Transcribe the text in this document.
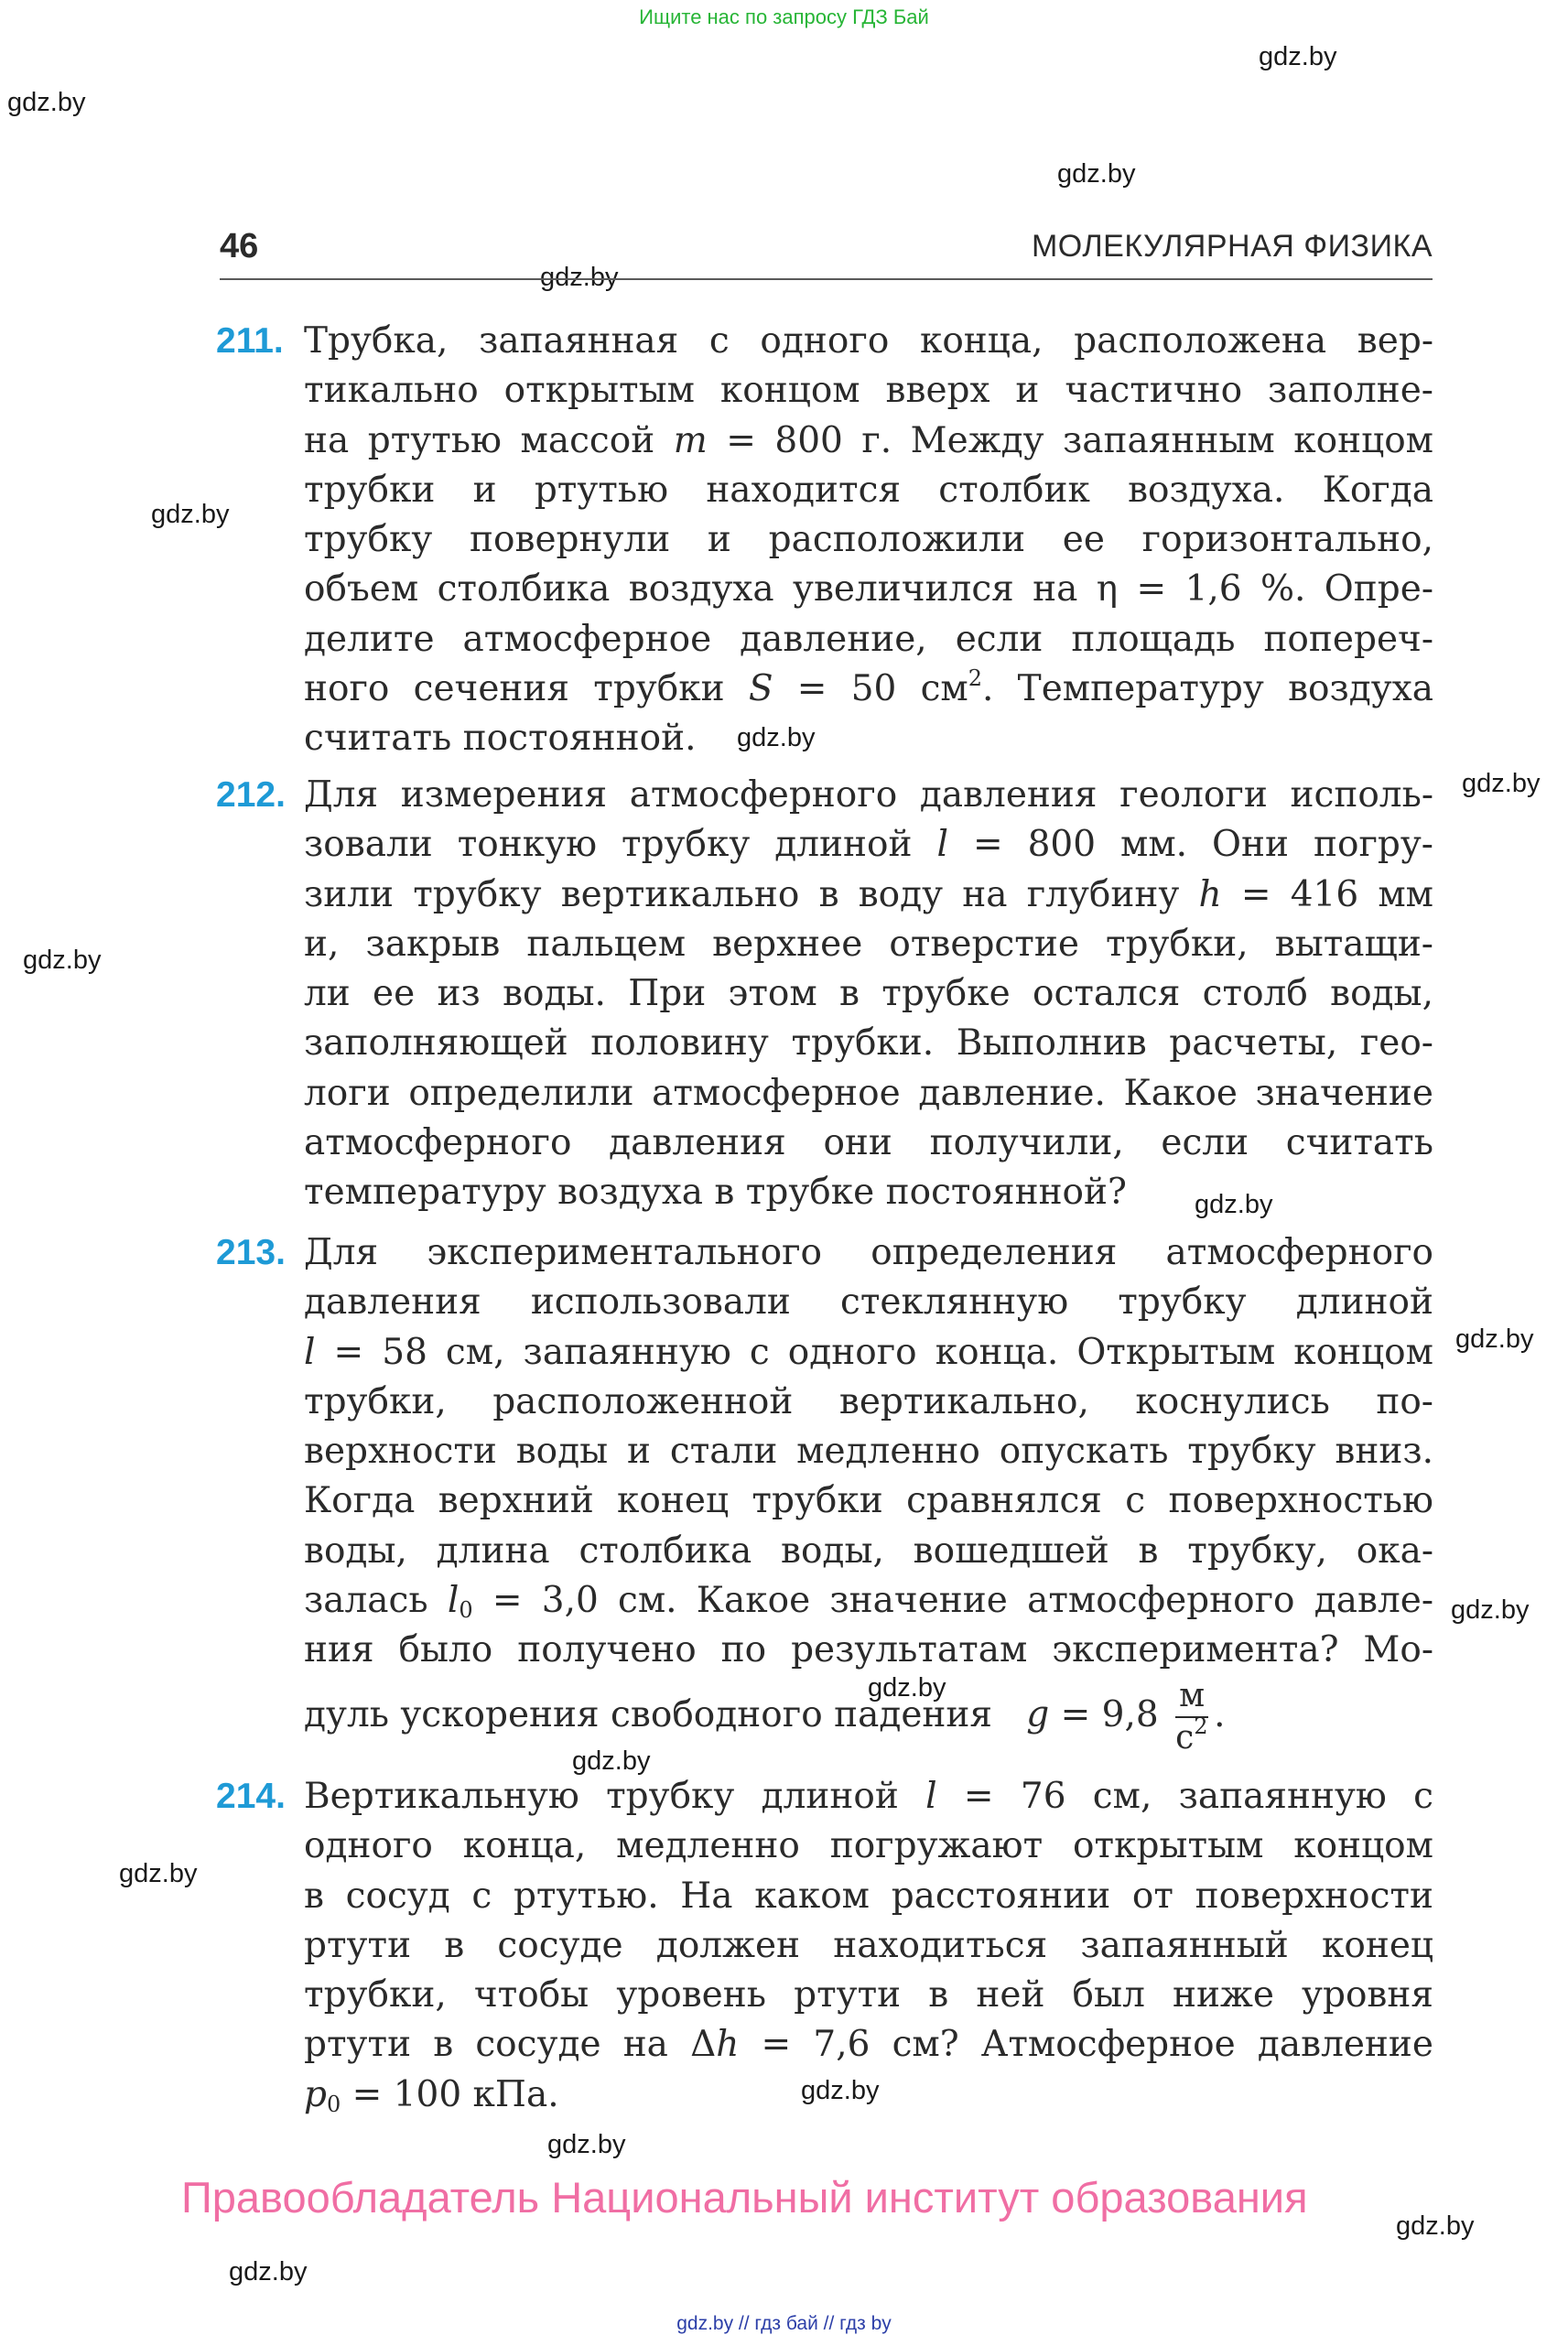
Ищите нас по запросу ГДЗ Бай
gdz.by
gdz.by
gdz.by
gdz.by
gdz.by
gdz.by
gdz.by
gdz.by
gdz.by
gdz.by
gdz.by
gdz.by
gdz.by
gdz.by
gdz.by
gdz.by
gdz.by
gdz.by
46	МОЛЕКУЛЯРНАЯ ФИЗИКА
211. Трубка, запаянная с одного конца, расположена вер-
тикально открытым концом вверх и частично заполне-
на ртутью массой m = 800 г. Между запаянным концом
трубки и ртутью находится столбик воздуха. Когда
трубку повернули и расположили ее горизонтально,
объем столбика воздуха увеличился на η = 1,6 %. Опре-
делите атмосферное давление, если площадь попереч-
ного сечения трубки S = 50 $см^2$. Температуру воздуха
считать постоянной.
212. Для измерения атмосферного давления геологи исполь-
зовали тонкую трубку длиной l = 800 мм. Они погру-
зили трубку вертикально в воду на глубину h = 416 мм
и, закрыв пальцем верхнее отверстие трубки, вытащи-
ли ее из воды. При этом в трубке остался столб воды,
заполняющей половину трубки. Выполнив расчеты, гео-
логи определили атмосферное давление. Какое значение
атмосферного давления они получили, если считать
температуру воздуха в трубке постоянной?
213. Для экспериментального определения атмосферного
давления использовали стеклянную трубку длиной
l = 58 см, запаянную с одного конца. Открытым концом
трубки, расположенной вертикально, коснулись по-
верхности воды и стали медленно опускать трубку вниз.
Когда верхний конец трубки сравнялся с поверхностью
воды, длина столбика воды, вошедшей в трубку, ока-
залась $l_0 = 3,0$ см. Какое значение атмосферного давле-
ния было получено по результатам эксперимента? Мо-
дуль ускорения свободного падения   $g = 9,8 \frac{м}{с^2}$ .
214. Вертикальную трубку длиной l = 76 см, запаянную с
одного конца, медленно погружают открытым концом
в сосуд с ртутью. На каком расстоянии от поверхности
ртути в сосуде должен находиться запаянный конец
трубки, чтобы уровень ртути в ней был ниже уровня
ртути в сосуде на Δh = 7,6 см? Атмосферное давление
$p_0 = 100$ кПа.
Правообладатель Национальный институт образования
gdz.by // гдз бай // гдз by
